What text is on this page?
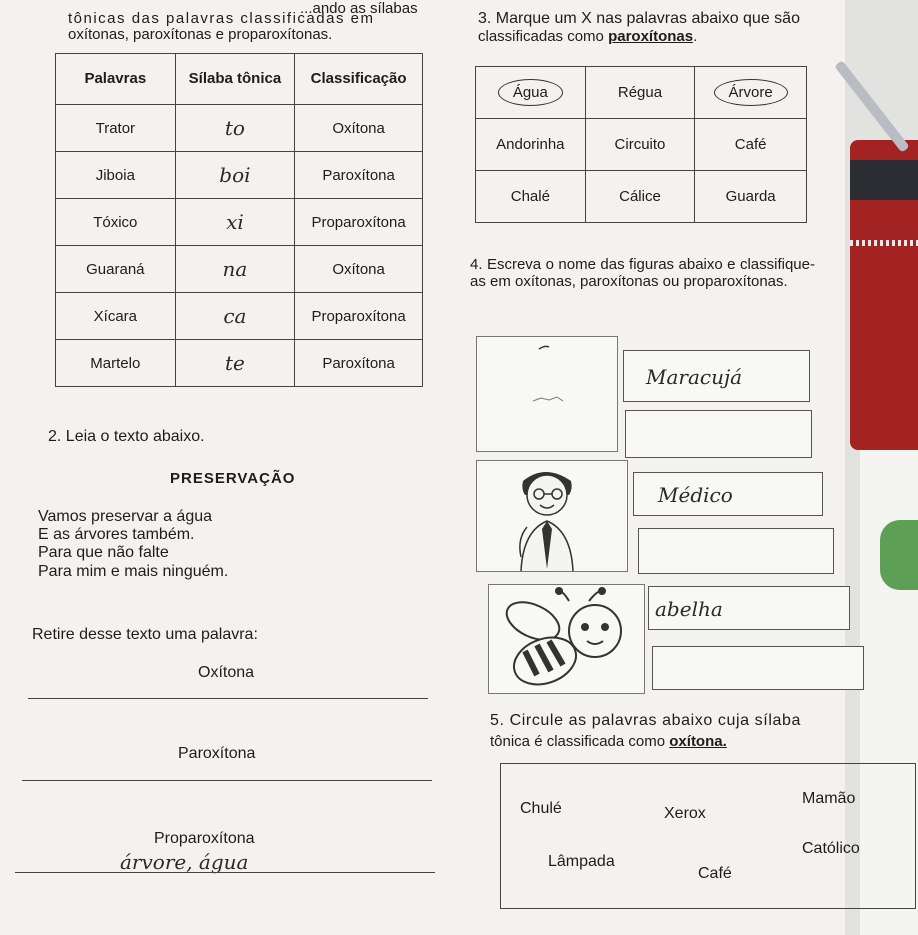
...ando as sílabas
tônicas das palavras classificadas em
oxítonas, paroxítonas e proparoxítonas.
Palavras	Sílaba tônica	Classificação
Trator	to	Oxítona
Jiboia	boi	Paroxítona
Tóxico	xi	Proparoxítona
Guaraná	na	Oxítona
Xícara	ca	Proparoxítona
Martelo	te	Paroxítona
2. Leia o texto abaixo.
PRESERVAÇÃO
Vamos preservar a água
E as árvores também.
Para que não falte
Para mim e mais ninguém.
Retire desse texto uma palavra:
Oxítona
Paroxítona
Proparoxítona
árvore, água
3. Marque um X nas palavras abaixo que são
classificadas como paroxítonas.
Água	Régua	Árvore
Andorinha	Circuito	Café
Chalé	Cálice	Guarda
4. Escreva o nome das figuras abaixo e classifique-as em oxítonas, paroxítonas ou proparoxítonas.
Maracujá
Médico
abelha
5. Circule as palavras abaixo cuja sílaba
tônica é classificada como oxítona.
Chulé	Xerox
Mamão
Lâmpada
Café
Católico
